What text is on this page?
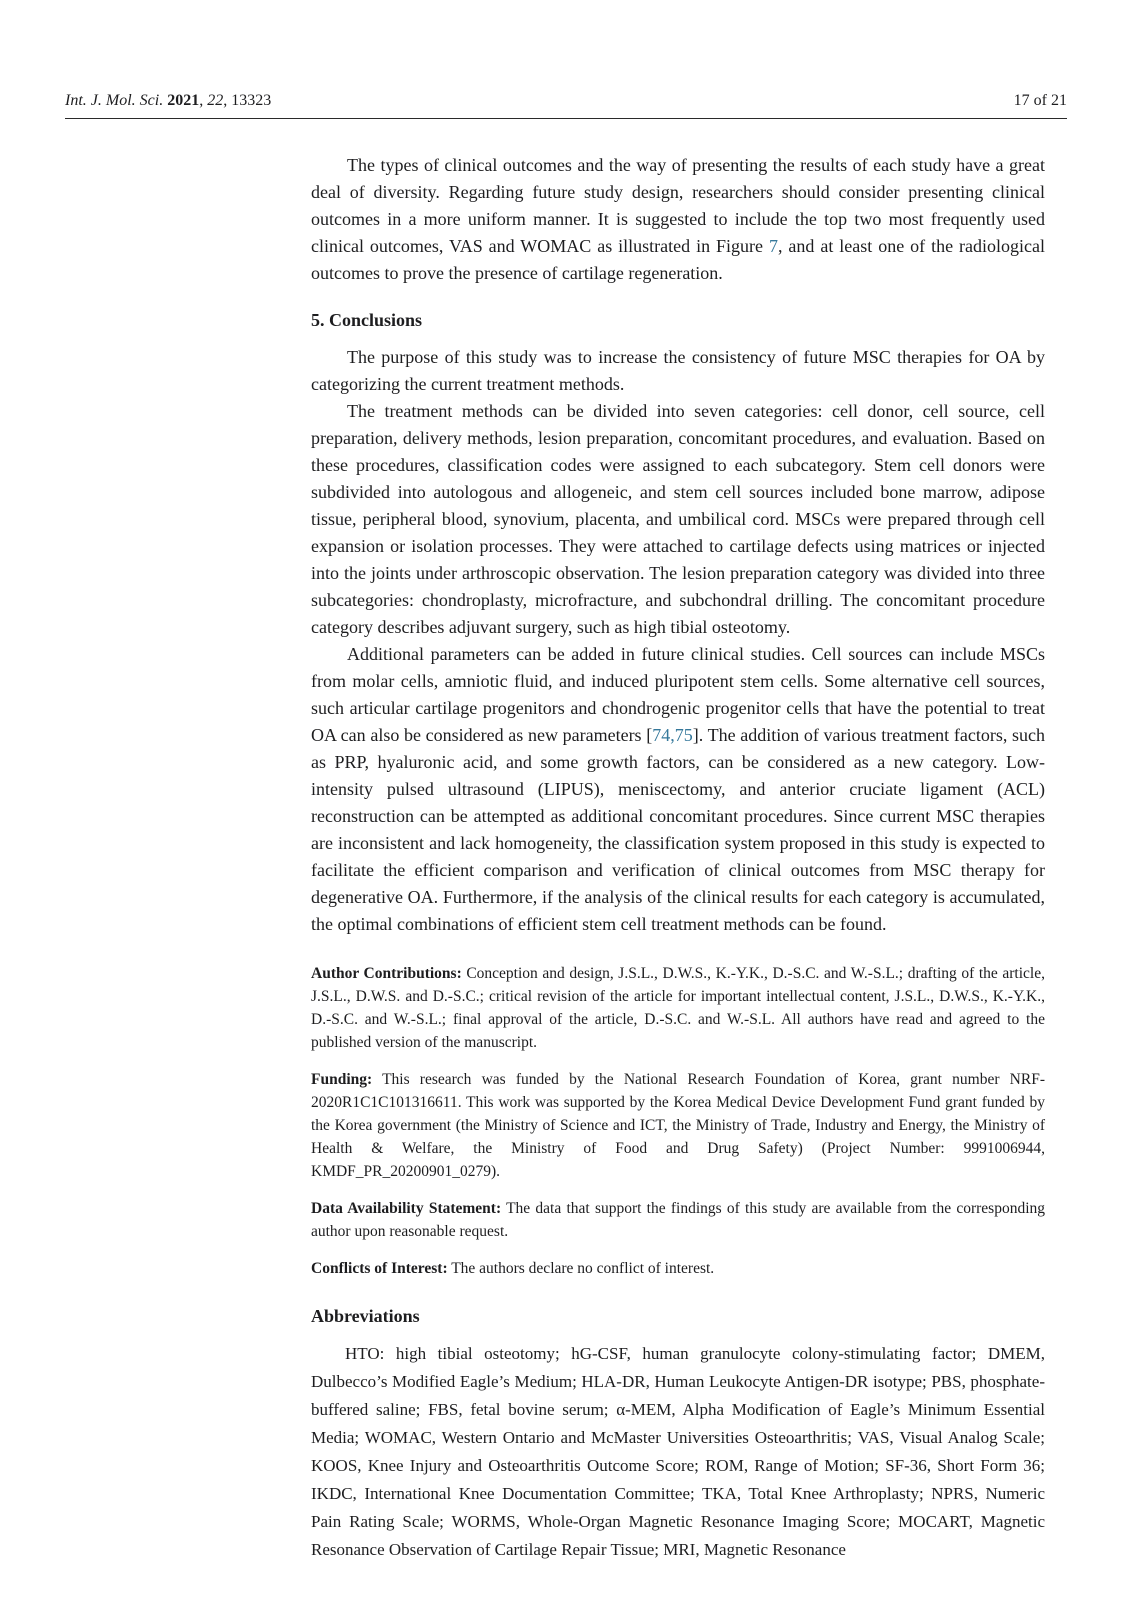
Int. J. Mol. Sci. 2021, 22, 13323	17 of 21

The types of clinical outcomes and the way of presenting the results of each study have a great deal of diversity. Regarding future study design, researchers should consider presenting clinical outcomes in a more uniform manner. It is suggested to include the top two most frequently used clinical outcomes, VAS and WOMAC as illustrated in Figure 7, and at least one of the radiological outcomes to prove the presence of cartilage regeneration.

5. Conclusions

The purpose of this study was to increase the consistency of future MSC therapies for OA by categorizing the current treatment methods.

The treatment methods can be divided into seven categories: cell donor, cell source, cell preparation, delivery methods, lesion preparation, concomitant procedures, and evaluation. Based on these procedures, classification codes were assigned to each subcategory. Stem cell donors were subdivided into autologous and allogeneic, and stem cell sources included bone marrow, adipose tissue, peripheral blood, synovium, placenta, and umbilical cord. MSCs were prepared through cell expansion or isolation processes. They were attached to cartilage defects using matrices or injected into the joints under arthroscopic observation. The lesion preparation category was divided into three subcategories: chondroplasty, microfracture, and subchondral drilling. The concomitant procedure category describes adjuvant surgery, such as high tibial osteotomy.

Additional parameters can be added in future clinical studies. Cell sources can include MSCs from molar cells, amniotic fluid, and induced pluripotent stem cells. Some alternative cell sources, such articular cartilage progenitors and chondrogenic progenitor cells that have the potential to treat OA can also be considered as new parameters [74,75]. The addition of various treatment factors, such as PRP, hyaluronic acid, and some growth factors, can be considered as a new category. Low-intensity pulsed ultrasound (LIPUS), meniscectomy, and anterior cruciate ligament (ACL) reconstruction can be attempted as additional concomitant procedures. Since current MSC therapies are inconsistent and lack homogeneity, the classification system proposed in this study is expected to facilitate the efficient comparison and verification of clinical outcomes from MSC therapy for degenerative OA. Furthermore, if the analysis of the clinical results for each category is accumulated, the optimal combinations of efficient stem cell treatment methods can be found.

Author Contributions: Conception and design, J.S.L., D.W.S., K.-Y.K., D.-S.C. and W.-S.L.; drafting of the article, J.S.L., D.W.S. and D.-S.C.; critical revision of the article for important intellectual content, J.S.L., D.W.S., K.-Y.K., D.-S.C. and W.-S.L.; final approval of the article, D.-S.C. and W.-S.L. All authors have read and agreed to the published version of the manuscript.

Funding: This research was funded by the National Research Foundation of Korea, grant number NRF-2020R1C1C101316611. This work was supported by the Korea Medical Device Development Fund grant funded by the Korea government (the Ministry of Science and ICT, the Ministry of Trade, Industry and Energy, the Ministry of Health & Welfare, the Ministry of Food and Drug Safety) (Project Number: 9991006944, KMDF_PR_20200901_0279).

Data Availability Statement: The data that support the findings of this study are available from the corresponding author upon reasonable request.

Conflicts of Interest: The authors declare no conflict of interest.

Abbreviations

HTO: high tibial osteotomy; hG-CSF, human granulocyte colony-stimulating factor; DMEM, Dulbecco’s Modified Eagle’s Medium; HLA-DR, Human Leukocyte Antigen-DR isotype; PBS, phosphate-buffered saline; FBS, fetal bovine serum; α-MEM, Alpha Modification of Eagle’s Minimum Essential Media; WOMAC, Western Ontario and McMaster Universities Osteoarthritis; VAS, Visual Analog Scale; KOOS, Knee Injury and Osteoarthritis Outcome Score; ROM, Range of Motion; SF-36, Short Form 36; IKDC, International Knee Documentation Committee; TKA, Total Knee Arthroplasty; NPRS, Numeric Pain Rating Scale; WORMS, Whole-Organ Magnetic Resonance Imaging Score; MOCART, Magnetic Resonance Observation of Cartilage Repair Tissue; MRI, Magnetic Resonance
